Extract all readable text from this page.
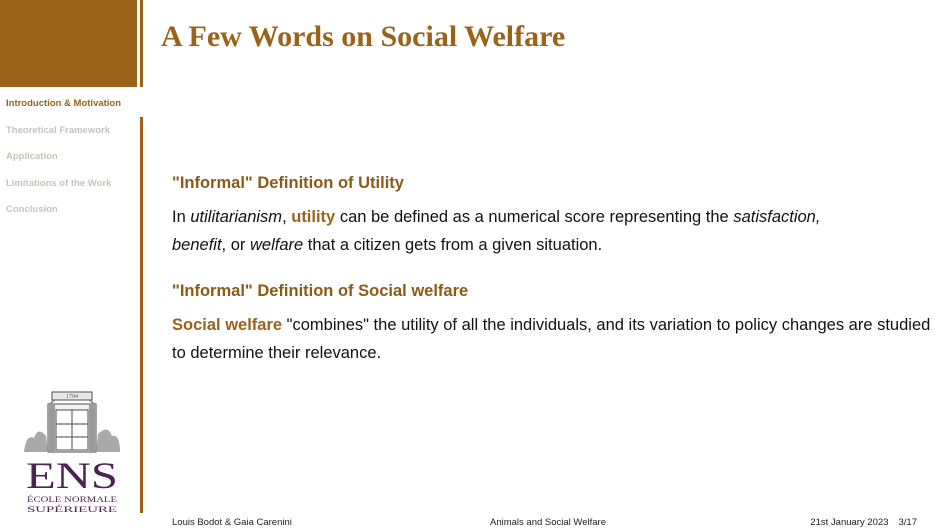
A Few Words on Social Welfare
Introduction & Motivation
Theoretical Framework
Application
Limitations of the Work
Conclusion
"Informal" Definition of Utility

In utilitarianism, utility can be defined as a numerical score representing the satisfaction,
benefit, or welfare that a citizen gets from a given situation.

"Informal" Definition of Social welfare

Social welfare "combines" the utility of all the individuals, and its variation to policy changes are studied to determine their relevance.

1794
ENS
ÉCOLE NORMALE
SUPÉRIEURE
Louis Bodot & Gaia Carenini	Animals and Social Welfare	21st January 2023 3/17
